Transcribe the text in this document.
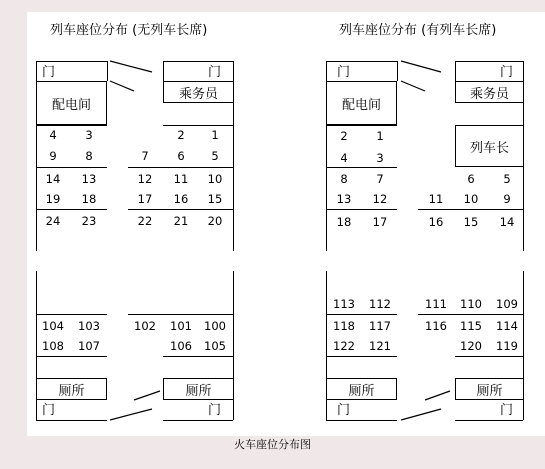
列车座位分布 (无列车长席)
门	门
配电间
乘务员
厕所	厕所
门	门
4 3	2 1
9 8	7 6 5
14 13	12 11 10
19 18	17 16 15
24 23	22 21 20
104 103	102 101 100
108 107	106 105
列车座位分布 (有列车长席)
门	门
配电间
乘务员
列车长
厕所	厕所
门	门
2 1
4 3
8 7	6 5
13 12	11 10 9
18 17	16 15 14
113 112	111 110 109
118 117	116 115 114
122 121	120 119
火车座位分布图
